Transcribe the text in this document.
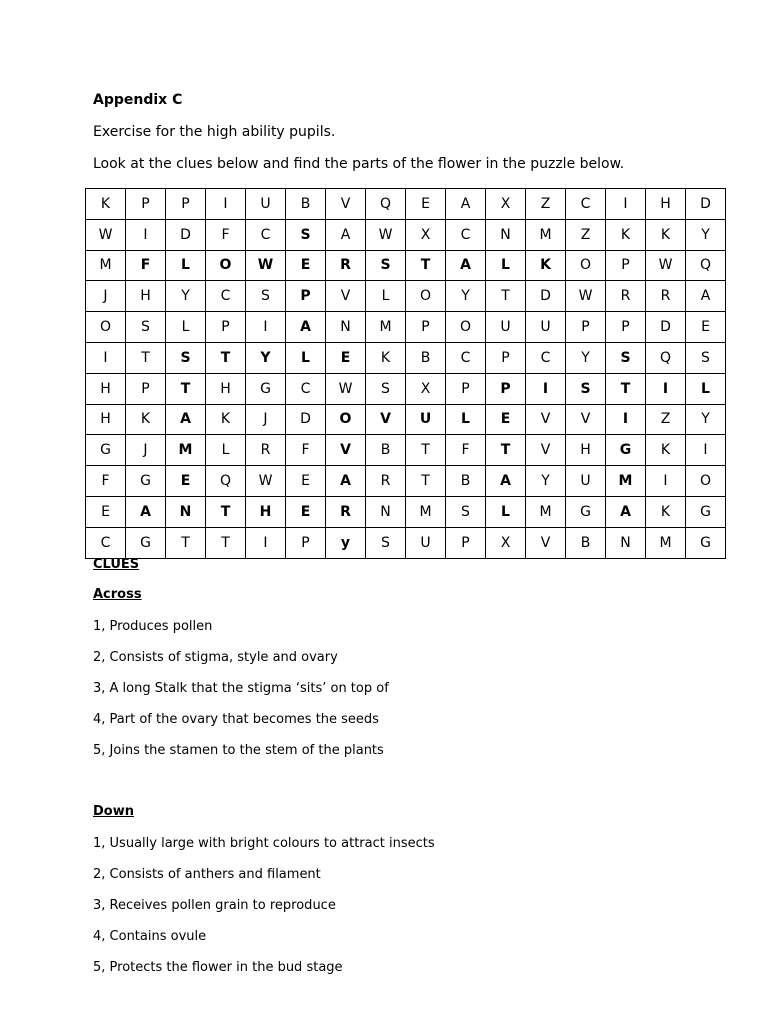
Appendix C
Exercise for the high ability pupils.
Look at the clues below and find the parts of the flower in the puzzle below.
K	P	P	I	U	B	V	Q	E	A	X	Z	C	I	H	D
W	I	D	F	C	S	A	W	X	C	N	M	Z	K	K	Y
M	F	L	O	W	E	R	S	T	A	L	K	O	P	W	Q
J	H	Y	C	S	P	V	L	O	Y	T	D	W	R	R	A
O	S	L	P	I	A	N	M	P	O	U	U	P	P	D	E
I	T	S	T	Y	L	E	K	B	C	P	C	Y	S	Q	S
H	P	T	H	G	C	W	S	X	P	P	I	S	T	I	L
H	K	A	K	J	D	O	V	U	L	E	V	V	I	Z	Y
G	J	M	L	R	F	V	B	T	F	T	V	H	G	K	I
F	G	E	Q	W	E	A	R	T	B	A	Y	U	M	I	O
E	A	N	T	H	E	R	N	M	S	L	M	G	A	K	G
C	G	T	T	I	P	y	S	U	P	X	V	B	N	M	G
CLUES
Across
1, Produces pollen
2, Consists of stigma, style and ovary
3, A long Stalk that the stigma ‘sits’ on top of
4, Part of the ovary that becomes the seeds
5, Joins the stamen to the stem of the plants
Down
1, Usually large with bright colours to attract insects
2, Consists of anthers and filament
3, Receives pollen grain to reproduce
4, Contains ovule
5, Protects the flower in the bud stage
